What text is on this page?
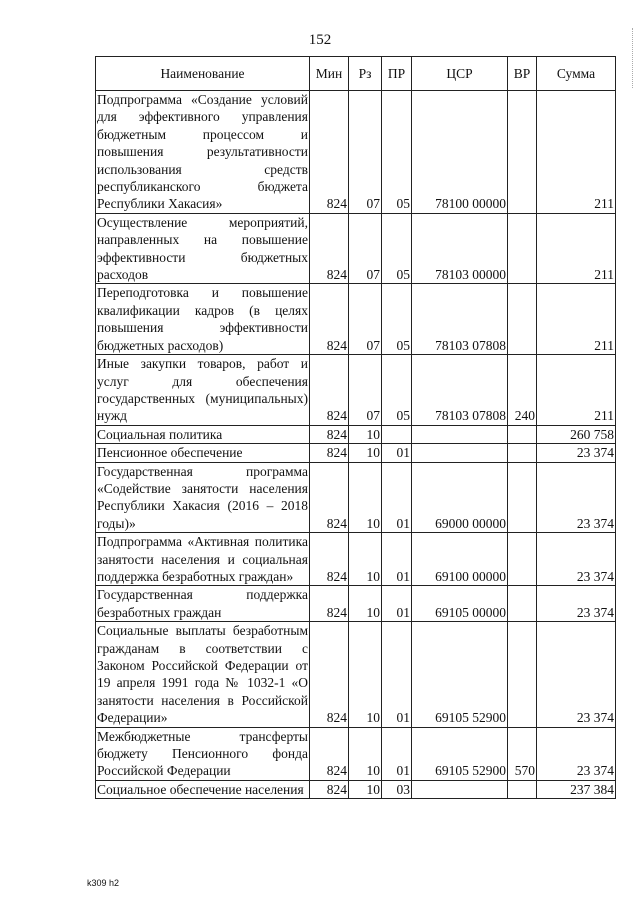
152
Наименование	Мин	Рз	ПР	ЦСР	ВР	Сумма
Подпрограмма «Создание условий для эффективного управления бюджетным процессом и повышения результативности использования средств республиканского бюджета Республики Хакасия»	824	07	05	78100 00000		211
Осуществление мероприятий, направленных на повышение эффективности бюджетных расходов	824	07	05	78103 00000		211
Переподготовка и повышение квалификации кадров (в целях повышения эффективности бюджетных расходов)	824	07	05	78103 07808		211
Иные закупки товаров, работ и услуг для обеспечения государственных (муниципальных) нужд	824	07	05	78103 07808	240	211
Социальная политика	824	10				260 758
Пенсионное обеспечение	824	10	01			23 374
Государственная программа «Содействие занятости населения Республики Хакасия (2016 – 2018 годы)»	824	10	01	69000 00000		23 374
Подпрограмма «Активная политика занятости населения и социальная поддержка безработных граждан»	824	10	01	69100 00000		23 374
Государственная поддержка безработных граждан	824	10	01	69105 00000		23 374
Социальные выплаты безработным гражданам в соответствии с Законом Российской Федерации от 19 апреля 1991 года № 1032-1 «О занятости населения в Российской Федерации»	824	10	01	69105 52900		23 374
Межбюджетные трансферты бюджету Пенсионного фонда Российской Федерации	824	10	01	69105 52900	570	23 374
Социальное обеспечение населения	824	10	03			237 384
k309 h2
